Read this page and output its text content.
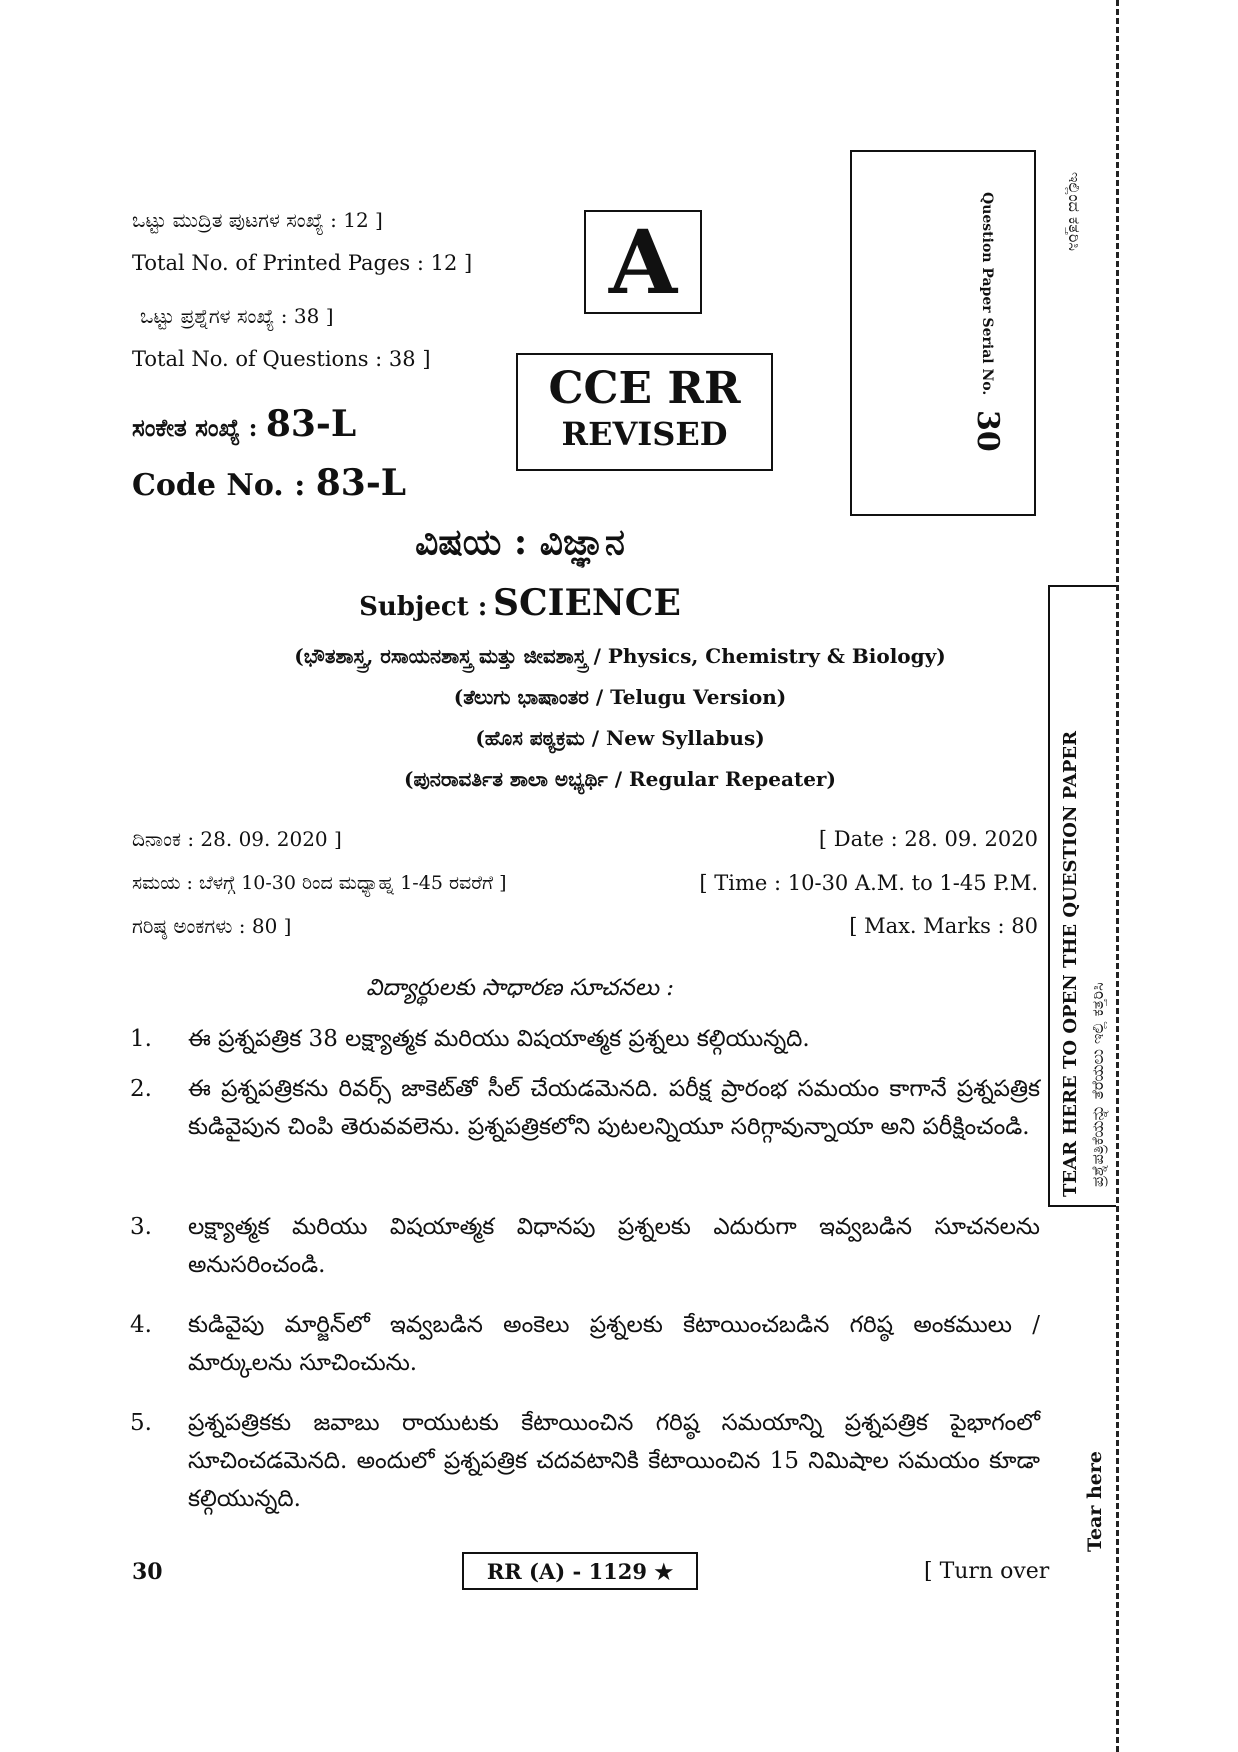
ಒಟ್ಟು ಮುದ್ರಿತ ಪುಟಗಳ ಸಂಖ್ಯೆ : 12 ]
Total No. of Printed Pages : 12 ]
ಒಟ್ಟು ಪ್ರಶ್ನೆಗಳ ಸಂಖ್ಯೆ : 38 ]
Total No. of Questions : 38 ]
ಸಂಕೇತ ಸಂಖ್ಯೆ : 83-L
Code No. : 83-L
A
CCE RR
REVISED
Question Paper Serial No.
30
ಇಲ್ಲಿಂದ ಕತ್ತರಿಸಿ
ವಿಷಯ : ವಿಜ್ಞಾನ
Subject : SCIENCE
(ಭೌತಶಾಸ್ತ್ರ, ರಸಾಯನಶಾಸ್ತ್ರ ಮತ್ತು ಜೀವಶಾಸ್ತ್ರ / Physics, Chemistry & Biology)
(ತೆಲುಗು ಭಾಷಾಂತರ / Telugu Version)
(ಹೊಸ ಪಠ್ಯಕ್ರಮ / New Syllabus)
(ಪುನರಾವರ್ತಿತ ಶಾಲಾ ಅಭ್ಯರ್ಥಿ / Regular Repeater)
ದಿನಾಂಕ : 28. 09. 2020 ]	[ Date : 28. 09. 2020
ಸಮಯ : ಬೆಳಗ್ಗೆ 10-30 ರಿಂದ ಮಧ್ಯಾಹ್ನ 1-45 ರವರೆಗೆ ]	[ Time : 10-30 A.M. to 1-45 P.M.
ಗರಿಷ್ಠ ಅಂಕಗಳು : 80 ]	[ Max. Marks : 80
విద్యార్థులకు సాధారణ సూచనలు :
1. ఈ ప్రశ్నపత్రిక 38 లక్ష్యాత్మక మరియు విషయాత్మక ప్రశ్నలు కల్గియున్నది.
2. ఈ ప్రశ్నపత్రికను రివర్స్ జాకెట్‌తో సీల్ చేయడమెనది. పరీక్ష ప్రారంభ సమయం కాగానే ప్రశ్నపత్రిక కుడివైపున చింపి తెరువవలెను. ప్రశ్నపత్రికలోని పుటలన్నియూ సరిగ్గావున్నాయా అని పరీక్షించండి.
3. లక్ష్యాత్మక మరియు విషయాత్మక విధానపు ప్రశ్నలకు ఎదురుగా ఇవ్వబడిన సూచనలను అనుసరించండి.
4. కుడివైపు మార్జిన్‌లో ఇవ్వబడిన అంకెలు ప్రశ్నలకు కేటాయించబడిన గరిష్ఠ అంకములు / మార్కులను సూచించును.
5. ప్రశ్నపత్రికకు జవాబు రాయుటకు కేటాయించిన గరిష్ఠ సమయాన్ని ప్రశ్నపత్రిక పైభాగంలో సూచించడమెనది. అందులో ప్రశ్నపత్రిక చదవటానికి కేటాయించిన 15 నిమిషాల సమయం కూడా కల్గియున్నది.
TEAR HERE TO OPEN THE QUESTION PAPER ಪ್ರಶ್ನೆಪತ್ರಿಕೆಯನ್ನು ತೆರೆಯಲು ಇಲ್ಲಿ ಕತ್ತರಿಸಿ
Tear here
30	RR (A) - 1129 ★	[ Turn over
